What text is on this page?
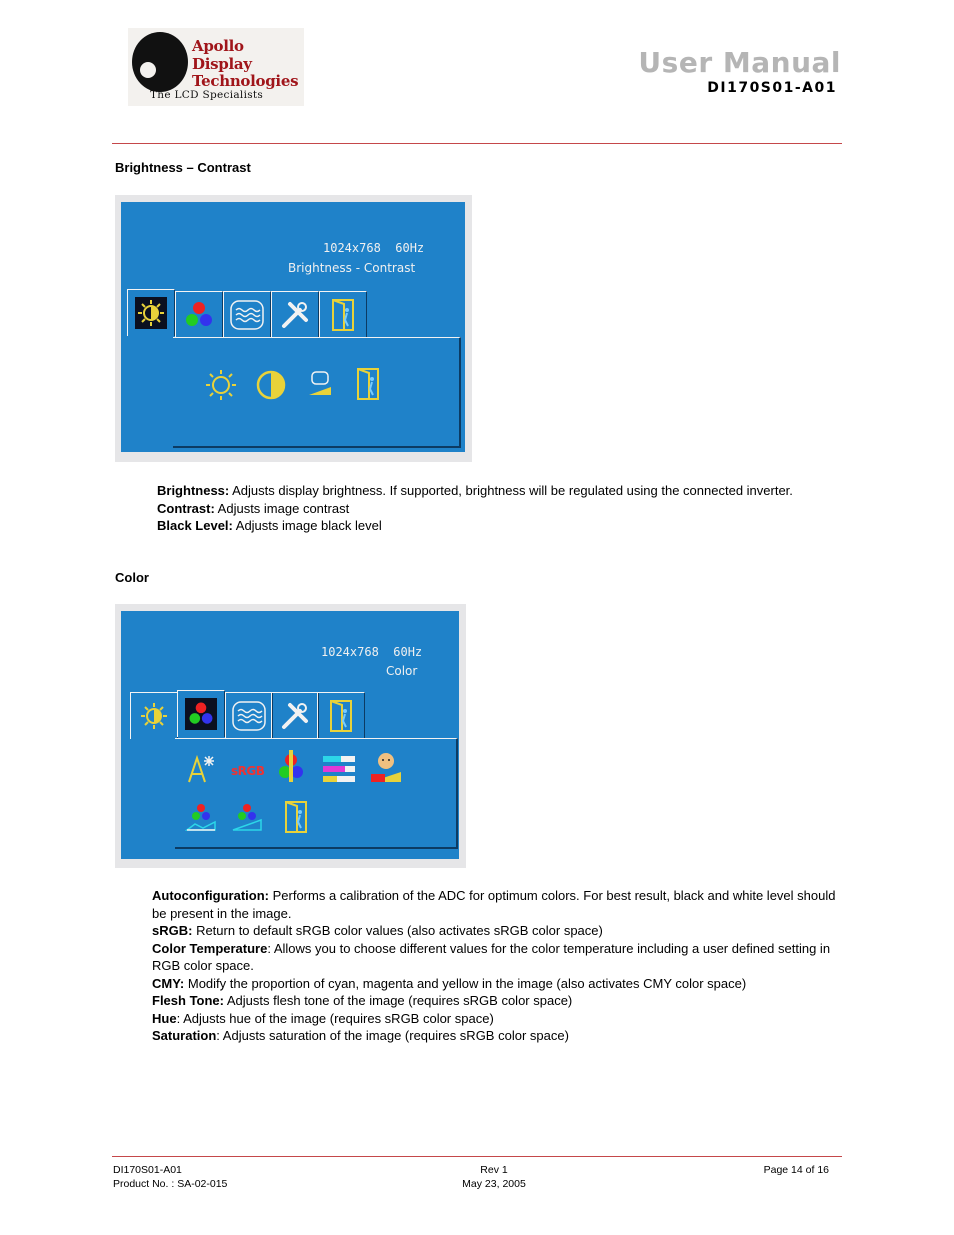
Apollo
Display
Technologies
The LCD Specialists
User Manual
DI170S01-A01
Brightness – Contrast
1024x768 60Hz
Brightness - Contrast
Brightness: Adjusts display brightness. If supported, brightness will be regulated using the connected inverter.
Contrast: Adjusts image contrast
Black Level: Adjusts image black level
Color
1024x768 60Hz
Color
sRGB
Autoconfiguration: Performs a calibration of the ADC for optimum colors. For best result, black and white level should be present in the image.
sRGB: Return to default sRGB color values (also activates sRGB color space)
Color Temperature: Allows you to choose different values for the color temperature including a user defined setting in RGB color space.
CMY: Modify the proportion of cyan, magenta and yellow in the image (also activates CMY color space)
Flesh Tone: Adjusts flesh tone of the image (requires sRGB color space)
Hue: Adjusts hue of the image (requires sRGB color space)
Saturation: Adjusts saturation of the image (requires sRGB color space)
DI170S01-A01
Product No. : SA-02-015
Rev 1
May 23, 2005
Page 14 of 16
